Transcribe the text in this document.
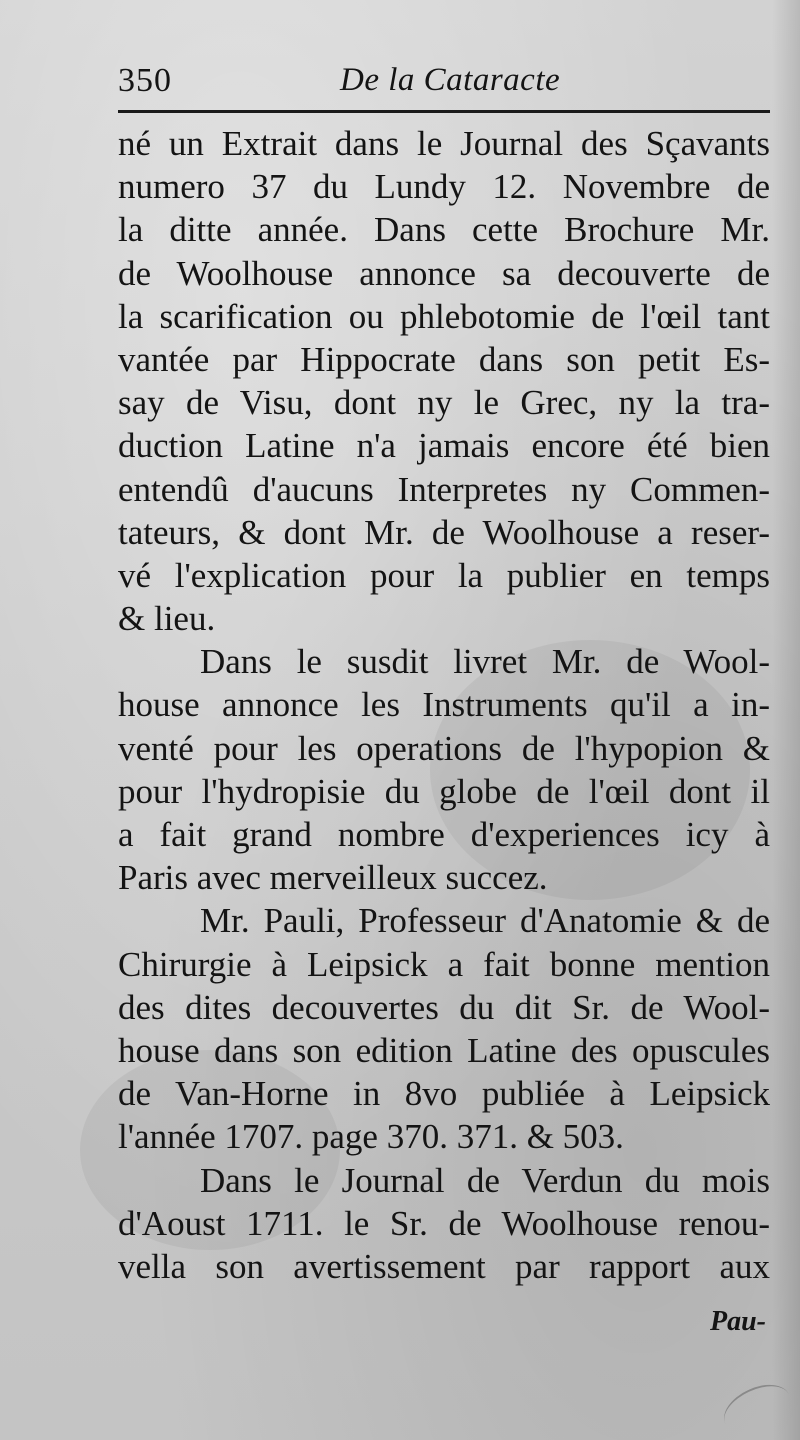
350	De la Cataracte
né un Extrait dans le Journal des Sçavants
numero 37 du Lundy 12. Novembre de
la ditte année. Dans cette Brochure Mr.
de Woolhouse annonce sa decouverte de
la scarification ou phlebotomie de l'œil tant
vantée par Hippocrate dans son petit Es-
say de Visu, dont ny le Grec, ny la tra-
duction Latine n'a jamais encore été bien
entendû d'aucuns Interpretes ny Commen-
tateurs, & dont Mr. de Woolhouse a reser-
vé l'explication pour la publier en temps
& lieu.
Dans le susdit livret Mr. de Wool-
house annonce les Instruments qu'il a in-
venté pour les operations de l'hypopion &
pour l'hydropisie du globe de l'œil dont il
a fait grand nombre d'experiences icy à
Paris avec merveilleux succez.
Mr. Pauli, Professeur d'Anatomie & de
Chirurgie à Leipsick a fait bonne mention
des dites decouvertes du dit Sr. de Wool-
house dans son edition Latine des opuscules
de Van-Horne in 8vo publiée à Leipsick
l'année 1707. page 370. 371. & 503.
Dans le Journal de Verdun du mois
d'Aoust 1711. le Sr. de Woolhouse renou-
vella son avertissement par rapport aux
Pau-
